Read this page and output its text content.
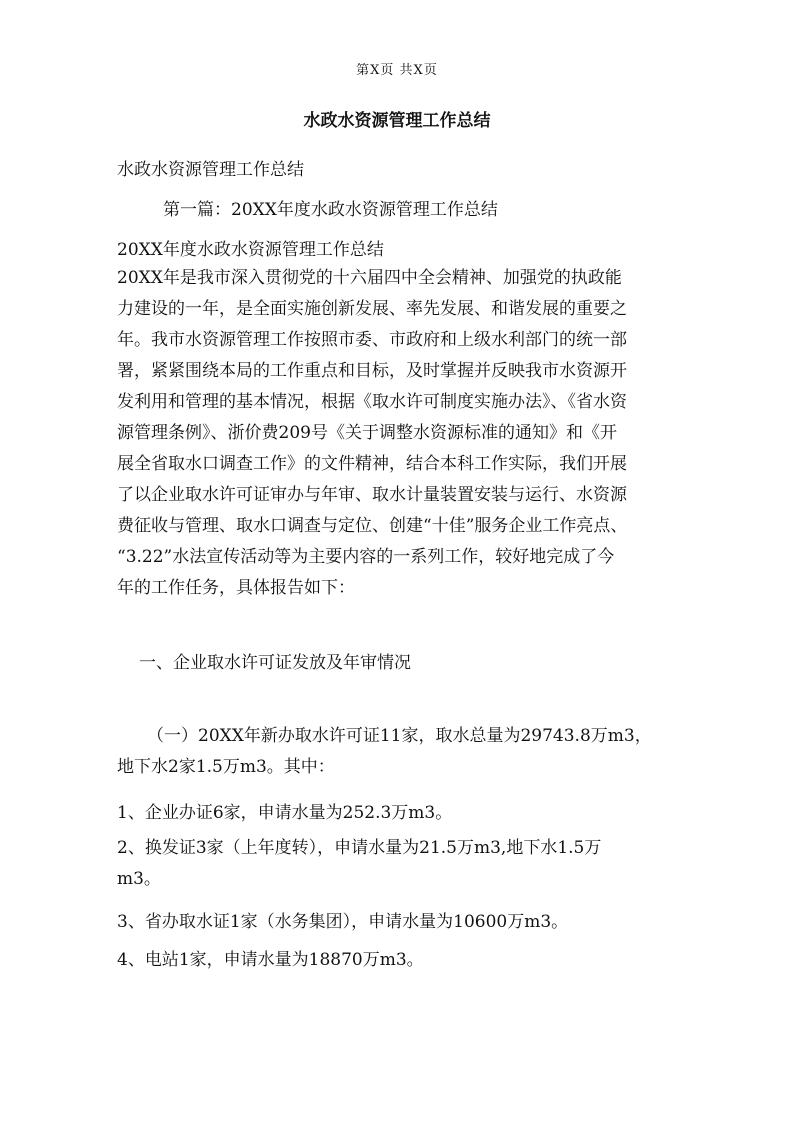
第X页 共X页
水政水资源管理工作总结
水政水资源管理工作总结
第一篇：20XX年度水政水资源管理工作总结
20XX年度水政水资源管理工作总结
20XX年是我市深入贯彻党的十六届四中全会精神、加强党的执政能
力建设的一年，是全面实施创新发展、率先发展、和谐发展的重要之
年。我市水资源管理工作按照市委、市政府和上级水利部门的统一部
署，紧紧围绕本局的工作重点和目标，及时掌握并反映我市水资源开
发利用和管理的基本情况，根据《取水许可制度实施办法》、《省水资
源管理条例》、浙价费209号《关于调整水资源标准的通知》和《开
展全省取水口调查工作》的文件精神，结合本科工作实际，我们开展
了以企业取水许可证审办与年审、取水计量装置安装与运行、水资源
费征收与管理、取水口调查与定位、创建“十佳”服务企业工作亮点、
“3.22”水法宣传活动等为主要内容的一系列工作，较好地完成了今
年的工作任务，具体报告如下：
一、企业取水许可证发放及年审情况
（一）20XX年新办取水许可证11家，取水总量为29743.8万m3，
地下水2家1.5万m3。其中：
1、企业办证6家，申请水量为252.3万m3。
2、换发证3家（上年度转），申请水量为21.5万m3,地下水1.5万
m3。
3、省办取水证1家（水务集团），申请水量为10600万m3。
4、电站1家，申请水量为18870万m3。
